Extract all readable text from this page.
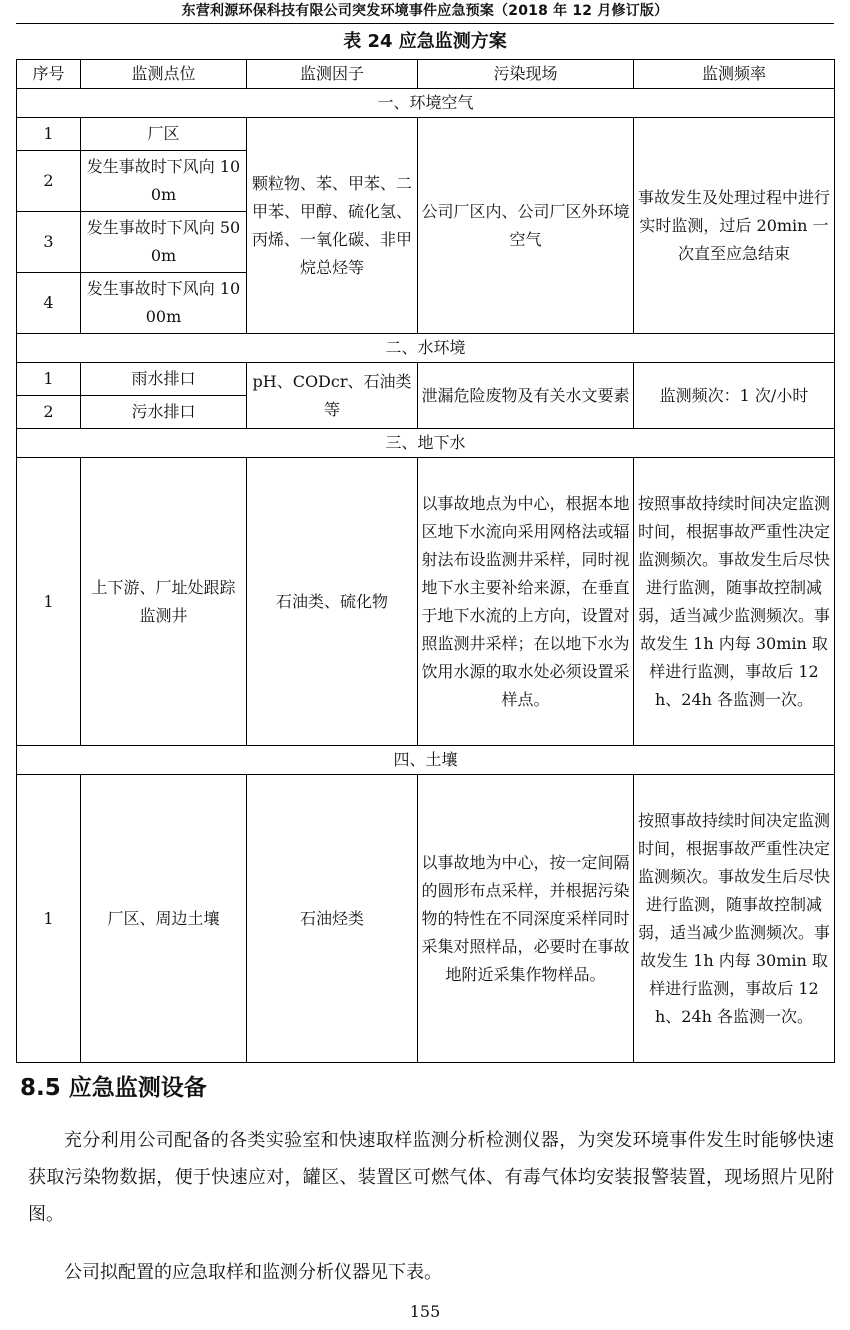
东营利源环保科技有限公司突发环境事件应急预案（2018 年 12 月修订版）
表 24 应急监测方案
序号	监测点位	监测因子	污染现场	监测频率
一、环境空气				
1	厂区	颗粒物、苯、甲苯、二甲苯、甲醇、硫化氢、丙烯、一氧化碳、非甲烷总烃等	公司厂区内、公司厂区外环境空气	事故发生及处理过程中进行实时监测，过后 20min 一次直至应急结束

2	发生事故时下风向 100m			

3	发生事故时下风向 500m			

4	发生事故时下风向 1000m			

二、水环境				
1	雨水排口	pH、CODcr、石油类等	泄漏危险废物及有关水文要素	监测频次：1 次/小时

2	污水排口			
三、地下水				
1	上下游、厂址处跟踪监测井	石油类、硫化物	以事故地点为中心，根据本地区地下水流向采用网格法或辐射法布设监测井采样，同时视地下水主要补给来源，在垂直于地下水流的上方向，设置对照监测井采样；在以地下水为饮用水源的取水处必须设置采样点。	按照事故持续时间决定监测时间，根据事故严重性决定监测频次。事故发生后尽快进行监测，随事故控制减弱，适当减少监测频次。事故发生 1h 内每 30min 取样进行监测，事故后 12h、24h 各监测一次。

四、土壤				
1	厂区、周边土壤	石油烃类	以事故地为中心，按一定间隔的圆形布点采样，并根据污染物的特性在不同深度采样同时采集对照样品，必要时在事故地附近采集作物样品。	按照事故持续时间决定监测时间，根据事故严重性决定监测频次。事故发生后尽快进行监测，随事故控制减弱，适当减少监测频次。事故发生 1h 内每 30min 取样进行监测，事故后 12h、24h 各监测一次。
8.5 应急监测设备

充分利用公司配备的各类实验室和快速取样监测分析检测仪器，为突发环境事件发生时能够快速获取污染物数据，便于快速应对，罐区、装置区可燃气体、有毒气体均安装报警装置，现场照片见附图。

公司拟配置的应急取样和监测分析仪器见下表。

155
